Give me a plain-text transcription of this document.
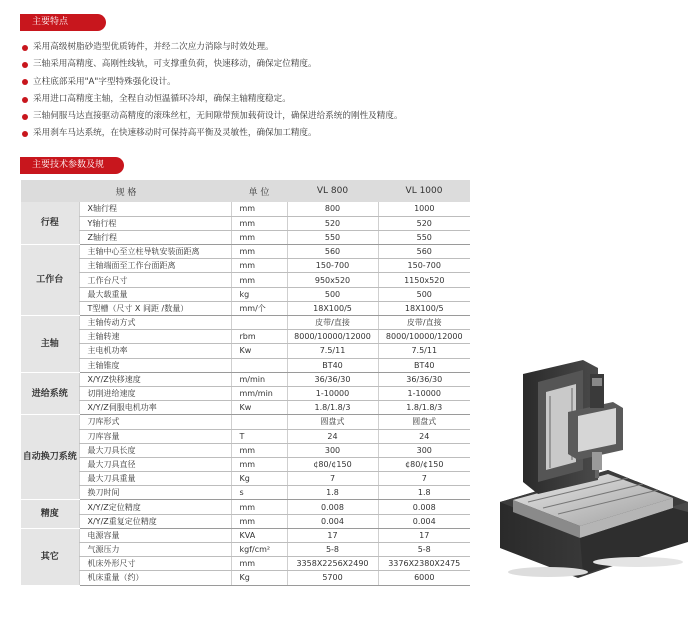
主要特点
采用高级树脂砂造型优质铸件，并经二次应力消除与时效处理。
三轴采用高精度、高刚性线轨，可支撑重负荷，快速移动，确保定位精度。
立柱底部采用"A"字型特殊强化设计。
采用进口高精度主轴，全程自动恒温循环冷却，确保主轴精度稳定。
三轴伺服马达直接驱动高精度的滚珠丝杠，无间隙带预加载荷设计，确保进给系统的刚性及精度。
采用刹车马达系统，在快速移动时可保持高平衡及灵敏性，确保加工精度。
主要技术参数及规
规 格		单 位	VL 800	VL 1000
行程	X轴行程	mm	800	1000
	Y轴行程	mm	520	520
	Z轴行程	mm	550	550
工作台	主轴中心至立柱导轨安装面距离	mm	560	560
	主轴端面至工作台面距离	mm	150-700	150-700
	工作台尺寸	mm	950x520	1150x520
	最大载重量	kg	500	500
	T型槽（尺寸 X 间距 /数量）	mm/个	18X100/5	18X100/5
主轴	主轴传动方式		皮带/直接	皮带/直接
	主轴转速	rbm	8000/10000/12000	8000/10000/12000
	主电机功率	Kw	7.5/11	7.5/11
	主轴锥度		BT40	BT40
进给系统	X/Y/Z快移速度	m/min	36/36/30	36/36/30
	切削进给速度	mm/min	1-10000	1-10000
	X/Y/Z伺服电机功率	Kw	1.8/1.8/3	1.8/1.8/3
自动换刀系统	刀库形式		圆盘式	圆盘式
	刀库容量	T	24	24
	最大刀具长度	mm	300	300
	最大刀具直径	mm	¢80/¢150	¢80/¢150
	最大刀具重量	Kg	7	7
	换刀时间	s	1.8	1.8
精度	X/Y/Z定位精度	mm	0.008	0.008
	X/Y/Z重复定位精度	mm	0.004	0.004
其它	电源容量	KVA	17	17
	气源压力	kgf/cm²	5-8	5-8
	机床外形尺寸	mm	3358X2256X2490	3376X2380X2475
	机床重量（约）	Kg	5700	6000
